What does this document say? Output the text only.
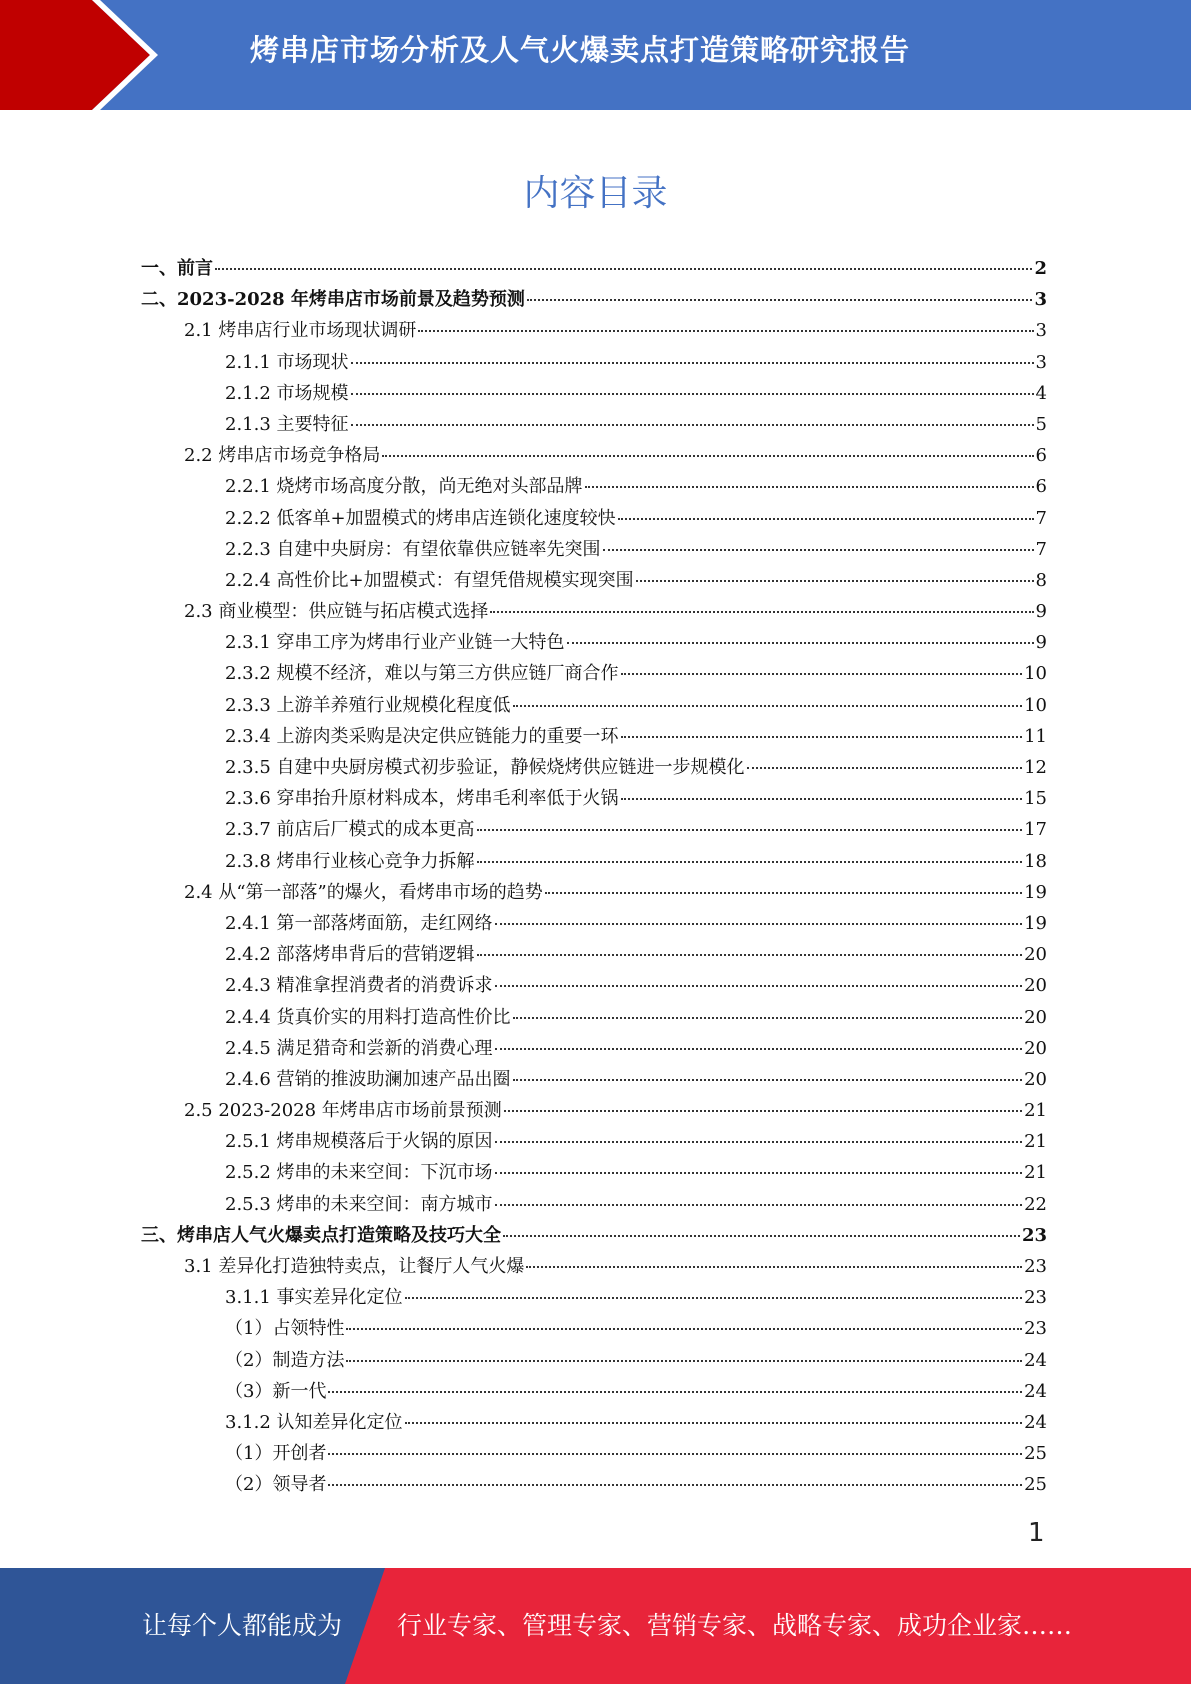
烤串店市场分析及人气火爆卖点打造策略研究报告
内容目录
一、前言	2
二、2023-2028 年烤串店市场前景及趋势预测	3
2.1 烤串店行业市场现状调研	3
2.1.1 市场现状	3
2.1.2 市场规模	4
2.1.3 主要特征	5
2.2 烤串店市场竞争格局	6
2.2.1 烧烤市场高度分散，尚无绝对头部品牌	6
2.2.2 低客单+加盟模式的烤串店连锁化速度较快	7
2.2.3 自建中央厨房：有望依靠供应链率先突围	7
2.2.4 高性价比+加盟模式：有望凭借规模实现突围	8
2.3 商业模型：供应链与拓店模式选择	9
2.3.1 穿串工序为烤串行业产业链一大特色	9
2.3.2 规模不经济，难以与第三方供应链厂商合作	10
2.3.3 上游羊养殖行业规模化程度低	10
2.3.4 上游肉类采购是决定供应链能力的重要一环	11
2.3.5 自建中央厨房模式初步验证，静候烧烤供应链进一步规模化	12
2.3.6 穿串抬升原材料成本，烤串毛利率低于火锅	15
2.3.7 前店后厂模式的成本更高	17
2.3.8 烤串行业核心竞争力拆解	18
2.4 从“第一部落”的爆火，看烤串市场的趋势	19
2.4.1 第一部落烤面筋，走红网络	19
2.4.2 部落烤串背后的营销逻辑	20
2.4.3 精准拿捏消费者的消费诉求	20
2.4.4 货真价实的用料打造高性价比	20
2.4.5 满足猎奇和尝新的消费心理	20
2.4.6 营销的推波助澜加速产品出圈	20
2.5 2023-2028 年烤串店市场前景预测	21
2.5.1 烤串规模落后于火锅的原因	21
2.5.2 烤串的未来空间：下沉市场	21
2.5.3 烤串的未来空间：南方城市	22
三、烤串店人气火爆卖点打造策略及技巧大全	23
3.1 差异化打造独特卖点，让餐厅人气火爆	23
3.1.1 事实差异化定位	23
（1）占领特性	23
（2）制造方法	24
（3）新一代	24
3.1.2 认知差异化定位	24
（1）开创者	25
（2）领导者	25
1
让每个人都能成为 行业专家、管理专家、营销专家、战略专家、成功企业家……
